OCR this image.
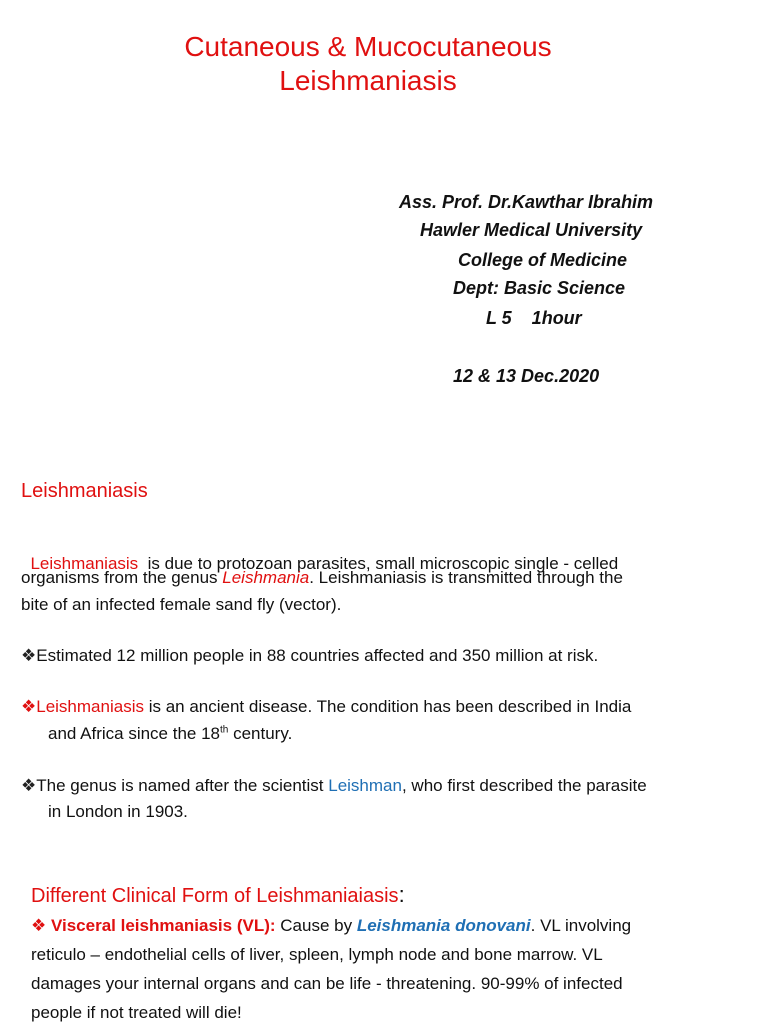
Cutaneous & Mucocutaneous
Leishmaniasis
Ass. Prof. Dr.Kawthar Ibrahim
Hawler Medical University
College of Medicine
Dept: Basic Science
L 5    1hour
12 & 13 Dec.2020
Leishmaniasis

Leishmaniasis  is due to protozoan parasites, small microscopic single - celled

organisms from the genus Leishmania. Leishmaniasis is transmitted through the
bite of an infected female sand fly (vector).
❖Estimated 12 million people in 88 countries affected and 350 million at risk.
❖Leishmaniasis is an ancient disease. The condition has been described in India
and Africa since the 18th century.
❖The genus is named after the scientist Leishman, who first described the parasite
in London in 1903.
Different Clinical Form of Leishmaniaiasis:
❖ Visceral leishmaniasis (VL): Cause by Leishmania donovani. VL involving
reticulo – endothelial cells of liver, spleen, lymph node and bone marrow. VL
damages your internal organs and can be life - threatening. 90-99% of infected
people if not treated will die!
